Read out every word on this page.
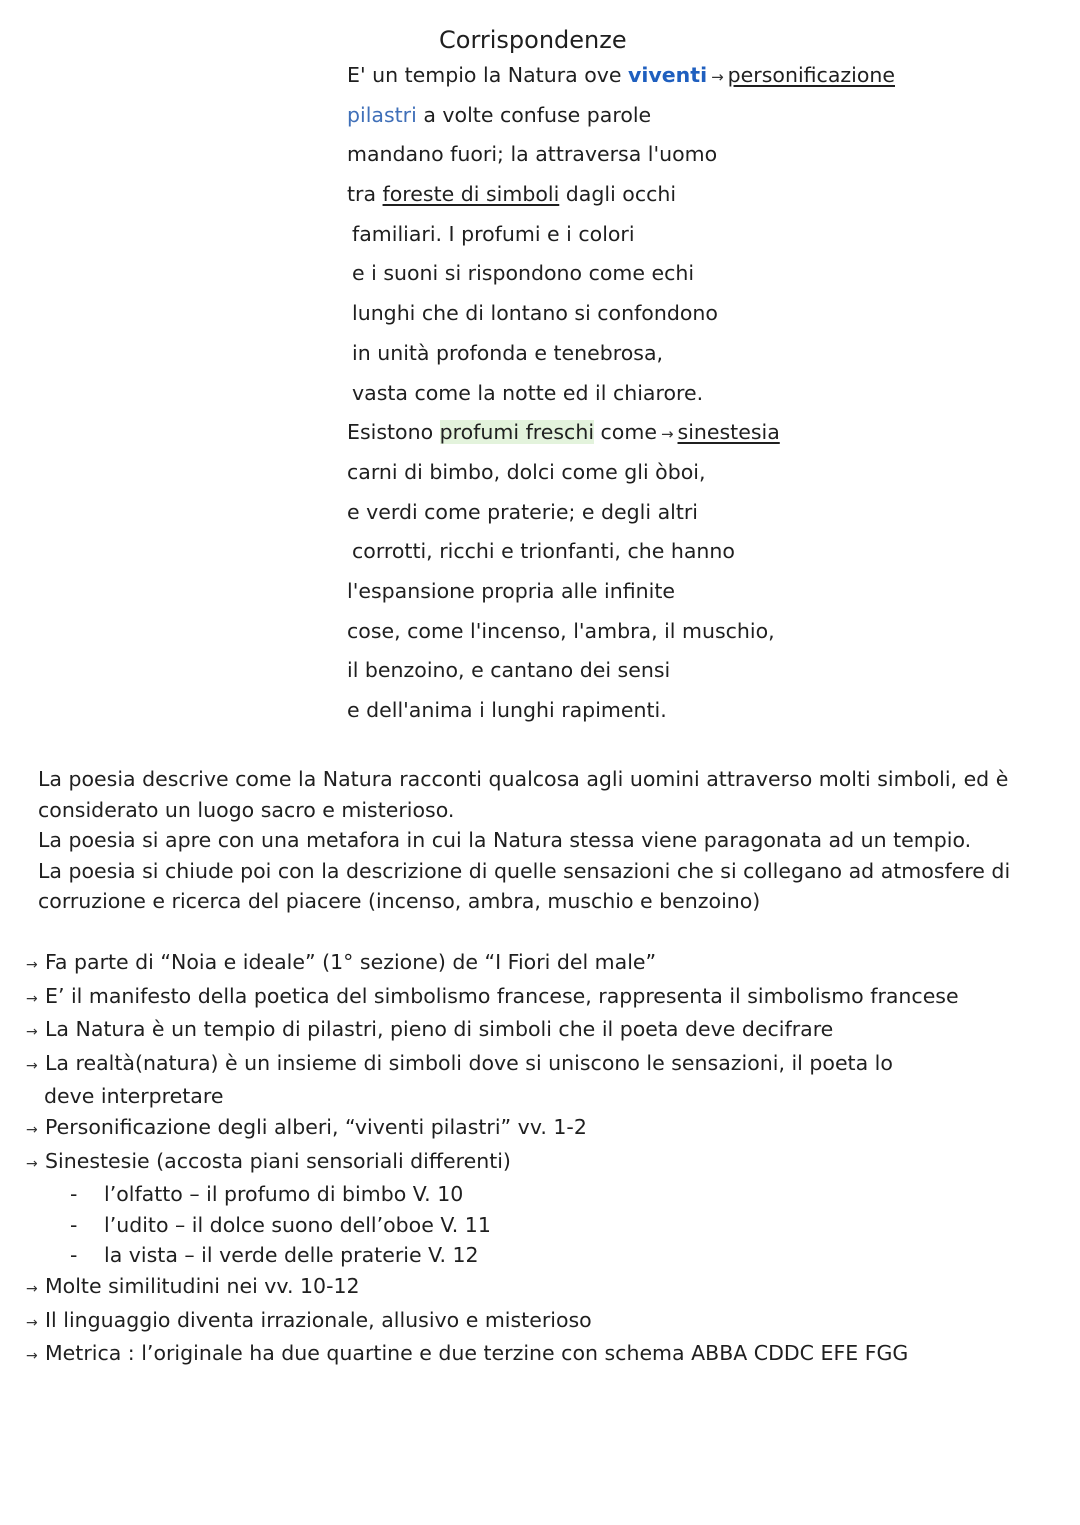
Corrispondenze
E' un tempio la Natura ove viventi → personificazione
pilastri a volte confuse parole
mandano fuori; la attraversa l'uomo
tra foreste di simboli dagli occhi
familiari. I profumi e i colori
e i suoni si rispondono come echi
lunghi che di lontano si confondono
in unità profonda e tenebrosa,
vasta come la notte ed il chiarore.
Esistono profumi freschi come → sinestesia
carni di bimbo, dolci come gli òboi,
e verdi come praterie; e degli altri
corrotti, ricchi e trionfanti, che hanno
l'espansione propria alle infinite
cose, come l'incenso, l'ambra, il muschio,
il benzoino, e cantano dei sensi
e dell'anima i lunghi rapimenti.

La poesia descrive come la Natura racconti qualcosa agli uomini attraverso molti simboli, ed è considerato un luogo sacro e misterioso.

La poesia si apre con una metafora in cui la Natura stessa viene paragonata ad un tempio.

La poesia si chiude poi con la descrizione di quelle sensazioni che si collegano ad atmosfere di corruzione e ricerca del piacere (incenso, ambra, muschio e benzoino)

→ Fa parte di “Noia e ideale” (1° sezione) de “I Fiori del male”
→ E’ il manifesto della poetica del simbolismo francese, rappresenta il simbolismo francese
→ La Natura è un tempio di pilastri, pieno di simboli che il poeta deve decifrare
→ La realtà(natura) è un insieme di simboli dove si uniscono le sensazioni, il poeta lo
deve interpretare
→ Personificazione degli alberi, “viventi pilastri” vv. 1-2
→ Sinestesie (accosta piani sensoriali differenti)
- l’olfatto – il profumo di bimbo V. 10
- l’udito – il dolce suono dell’oboe V. 11
- la vista – il verde delle praterie V. 12
→ Molte similitudini nei vv. 10-12
→ Il linguaggio diventa irrazionale, allusivo e misterioso
→ Metrica : l’originale ha due quartine e due terzine con schema ABBA CDDC EFE FGG
